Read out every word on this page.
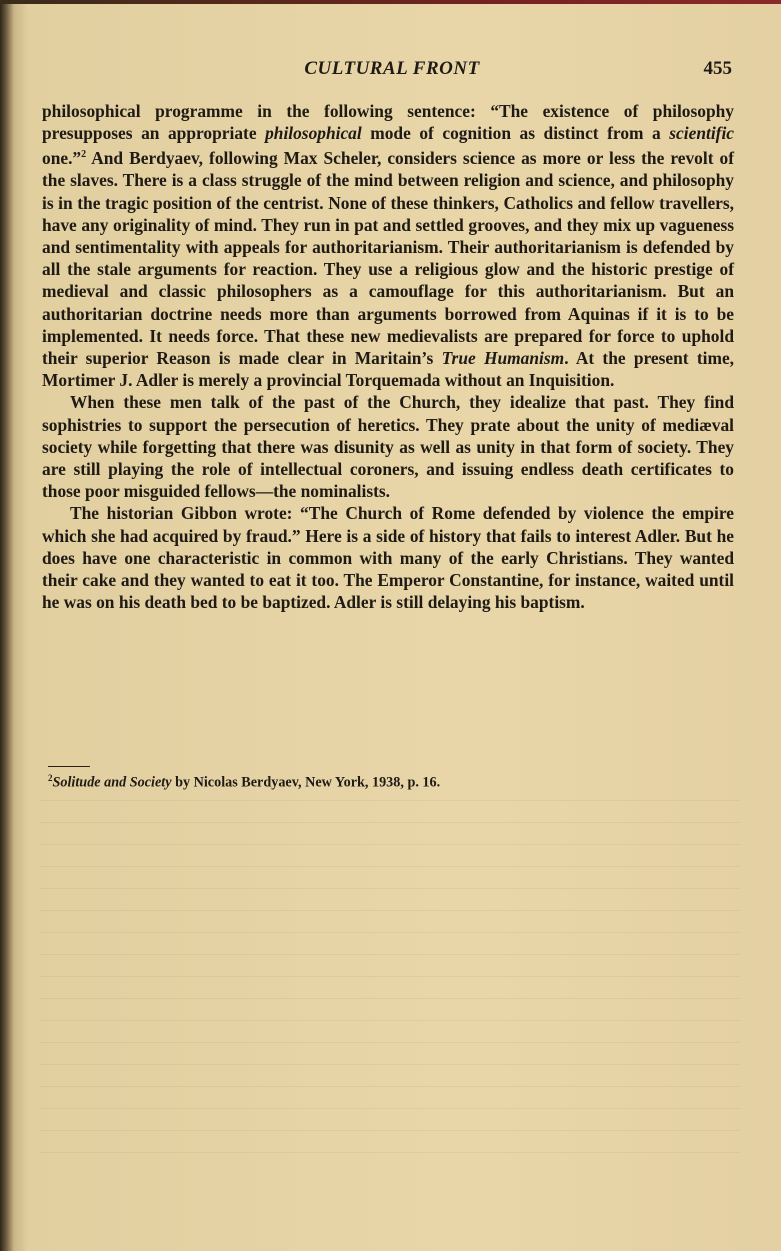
CULTURAL FRONT	455

philosophical programme in the following sentence: “The existence of philosophy presupposes an appropriate philosophical mode of cognition as distinct from a scientific one.”$^2$ And Berdyaev, following Max Scheler, considers science as more or less the revolt of the slaves. There is a class struggle of the mind between religion and science, and philosophy is in the tragic position of the centrist. None of these thinkers, Catholics and fellow travellers, have any originality of mind. They run in pat and settled grooves, and they mix up vagueness and sentimentality with appeals for authoritarianism. Their authoritarianism is defended by all the stale arguments for reaction. They use a religious glow and the historic prestige of medieval and classic philosophers as a camouflage for this authoritarianism. But an authoritarian doctrine needs more than arguments borrowed from Aquinas if it is to be implemented. It needs force. That these new medievalists are prepared for force to uphold their superior Reason is made clear in Maritain’s True Humanism. At the present time, Mortimer J. Adler is merely a provincial Torquemada without an Inquisition.

When these men talk of the past of the Church, they idealize that past. They find sophistries to support the persecution of heretics. They prate about the unity of mediæval society while forgetting that there was disunity as well as unity in that form of society. They are still playing the role of intellectual coroners, and issuing endless death certificates to those poor misguided fellows—the nominalists.

The historian Gibbon wrote: “The Church of Rome defended by violence the empire which she had acquired by fraud.” Here is a side of history that fails to interest Adler. But he does have one characteristic in common with many of the early Christians. They wanted their cake and they wanted to eat it too. The Emperor Constantine, for instance, waited until he was on his death bed to be baptized. Adler is still delaying his baptism.

$^2$Solitude and Society by Nicolas Berdyaev, New York, 1938, p. 16.
